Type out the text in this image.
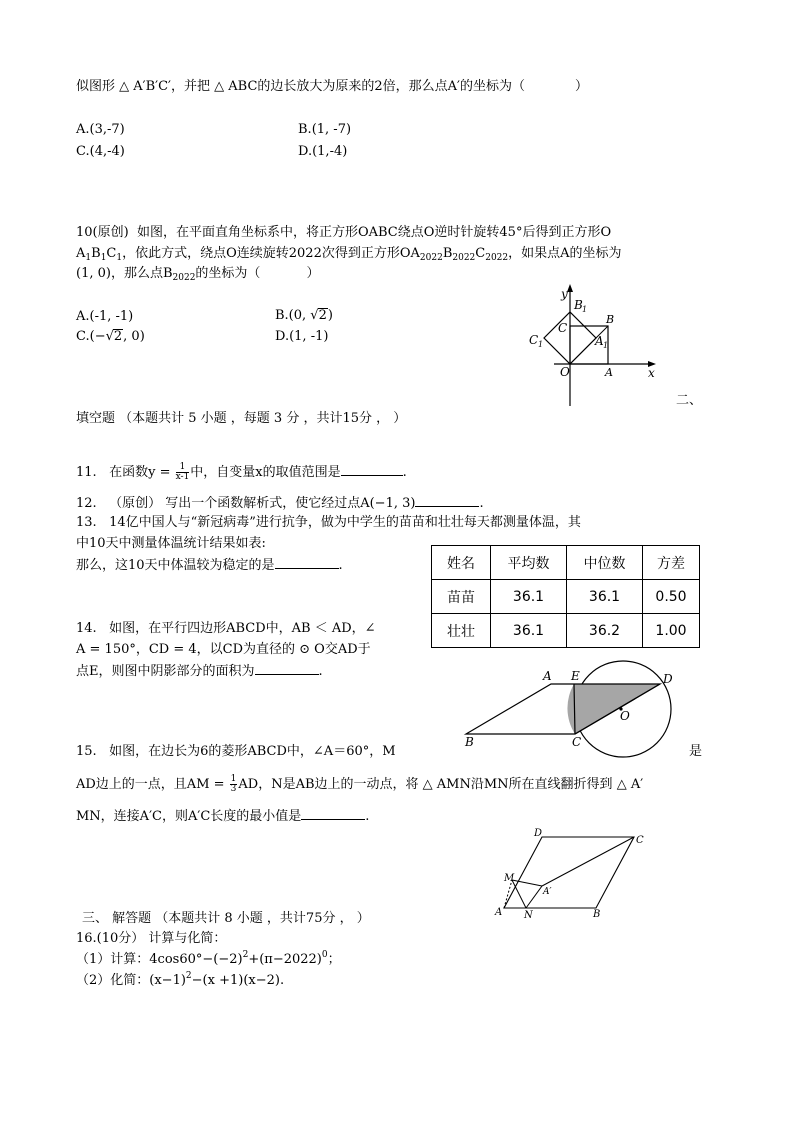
似图形 △ A′B′C′，并把 △ ABC的边长放大为原来的2倍，那么点A′的坐标为（	）
A.(3,-7)	B.(1, -7)
C.(4,-4)	D.(1,-4)
10(原创) 如图，在平面直角坐标系中，将正方形OABC绕点O逆时针旋转45°后得到正方形O
$A_1B_1C_1$，依此方式，绕点O连续旋转2022次得到正方形$OA_{2022}B_{2022}C_{2022}$，如果点A的坐标为
(1, 0)，那么点$B_{2022}$的坐标为（	）
A.(-1, -1)	B.(0, √2)
C.(−√2, 0)	D.(1, -1)
y
x
O	A
B
C
B 1
A 1
C 1
二、
填空题 （本题共计 5 小题 ，每题 3 分 ，共计15分 ， ）
11. 在函数$y = \frac{1}{x-1}$ 中，自变量x的取值范围是	.
12. （原创） 写出一个函数解析式，使它经过点A(−1, 3)	.
13. 14亿中国人与“新冠病毒”进行抗争，做为中学生的苗苗和壮壮每天都测量体温，其
中10天中测量体温统计结果如表:
那么，这10天中体温较为稳定的是	.	姓名	平均数	中位数	方差
苗苗	36.1	36.1	0.50
壮壮	36.1	36.2	1.00
14. 如图，在平行四边形ABCD中，AB ＜ AD，∠
A = 150°，CD = 4，以CD为直径的 ⊙ O交AD于
点E，则图中阴影部分的面积为	.	A E	D
O
B	C
15. 如图，在边长为6的菱形ABCD中，∠A＝60°，M	是
AD边上的一点，且AM = $\frac{1}{3}$ AD，N是AB边上的一动点，将 △ AMN沿MN所在直线翻折得到 △ A′
MN，连接A′C，则A′C长度的最小值是	.
D
C
M
A′
A N	B
三、 解答题 （本题共计 8 小题 ，共计75分 ， ）
16.(10分） 计算与化简：
（1）计算：$4\cos 60^\circ-(-2)^2+(\pi-2022)^0$；
（2）化简：$(x-1)^2-(x +1)(x-2)$.
